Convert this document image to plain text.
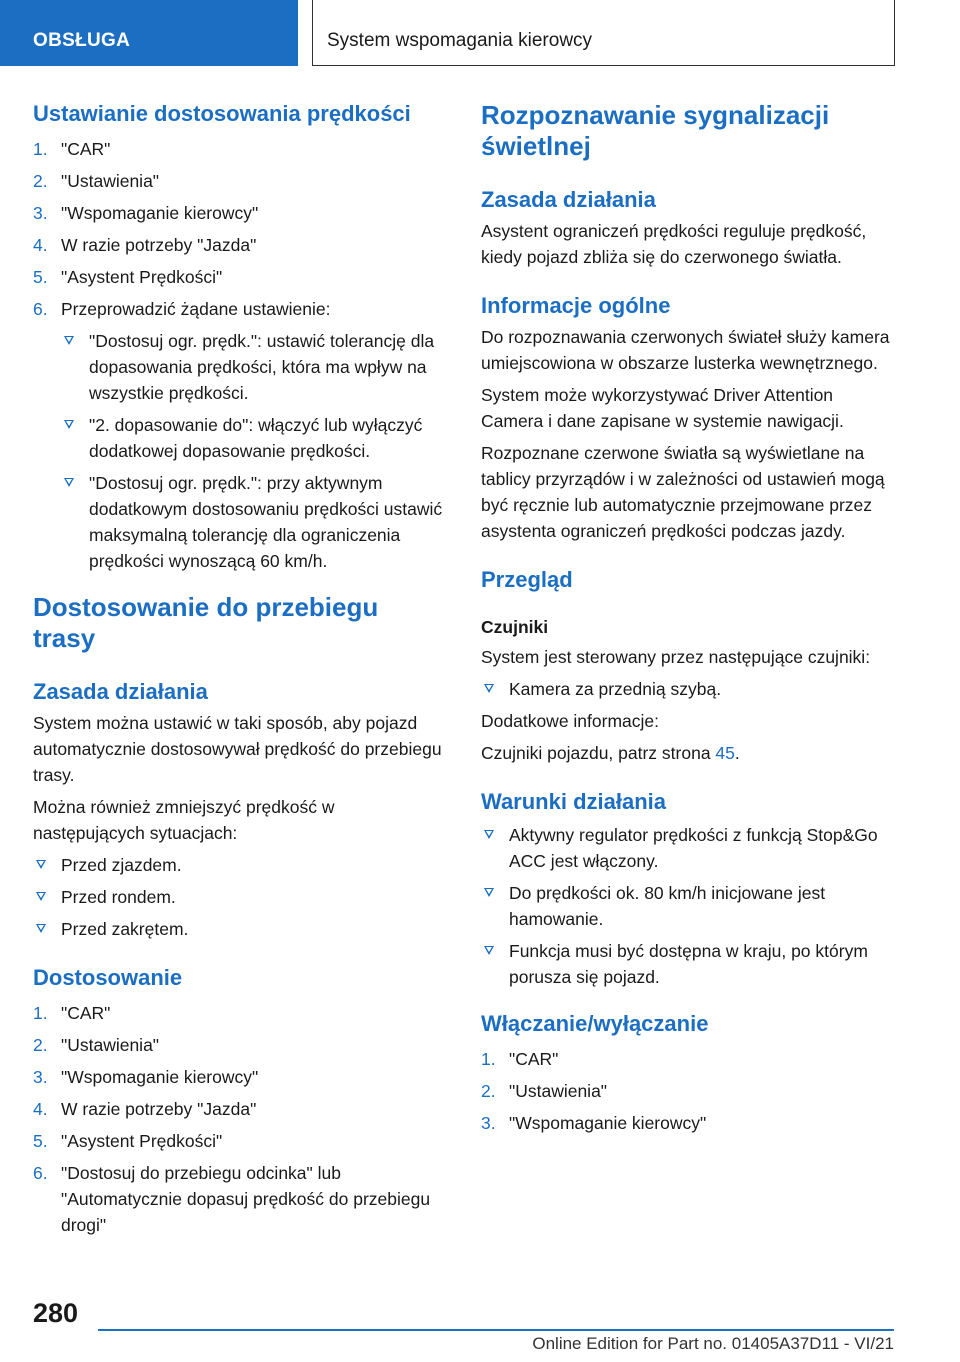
OBSŁUGA	System wspomagania kierowcy
Ustawianie dostosowania prędkości
1. "CAR"
2. "Ustawienia"
3. "Wspomaganie kierowcy"
4. W razie potrzeby "Jazda"
5. "Asystent Prędkości"
6. Przeprowadzić żądane ustawienie:
"Dostosuj ogr. prędk.": ustawić tolerancję dla dopasowania prędkości, która ma wpływ na wszystkie prędkości.
"2. dopasowanie do": włączyć lub wyłączyć dodatkowej dopasowanie prędkości.
"Dostosuj ogr. prędk.": przy aktywnym dodatkowym dostosowaniu prędkości ustawić maksymalną tolerancję dla ograniczenia prędkości wynoszącą 60 km/h.
Dostosowanie do przebiegu trasy
Zasada działania

System można ustawić w taki sposób, aby pojazd automatycznie dostosowywał prędkość do przebiegu trasy.

Można również zmniejszyć prędkość w następujących sytuacjach:

Przed zjazdem.
Przed rondem.
Przed zakrętem.
Dostosowanie
1. "CAR"
2. "Ustawienia"
3. "Wspomaganie kierowcy"
4. W razie potrzeby "Jazda"
5. "Asystent Prędkości"
6. "Dostosuj do przebiegu odcinka" lub "Automatycznie dopasuj prędkość do przebiegu drogi"
Rozpoznawanie sygnalizacji świetlnej
Zasada działania

Asystent ograniczeń prędkości reguluje prędkość, kiedy pojazd zbliża się do czerwonego światła.

Informacje ogólne

Do rozpoznawania czerwonych świateł służy kamera umiejscowiona w obszarze lusterka wewnętrznego.

System może wykorzystywać Driver Attention Camera i dane zapisane w systemie nawigacji.

Rozpoznane czerwone światła są wyświetlane na tablicy przyrządów i w zależności od ustawień mogą być ręcznie lub automatycznie przejmowane przez asystenta ograniczeń prędkości podczas jazdy.

Przegląd
Czujniki

System jest sterowany przez następujące czujniki:

Kamera za przednią szybą.

Dodatkowe informacje:

Czujniki pojazdu, patrz strona 45.

Warunki działania
Aktywny regulator prędkości z funkcją Stop&Go ACC jest włączony.
Do prędkości ok. 80 km/h inicjowane jest hamowanie.
Funkcja musi być dostępna w kraju, po którym porusza się pojazd.
Włączanie/wyłączanie
1. "CAR"
2. "Ustawienia"
3. "Wspomaganie kierowcy"
280
Online Edition for Part no. 01405A37D11 - VI/21
